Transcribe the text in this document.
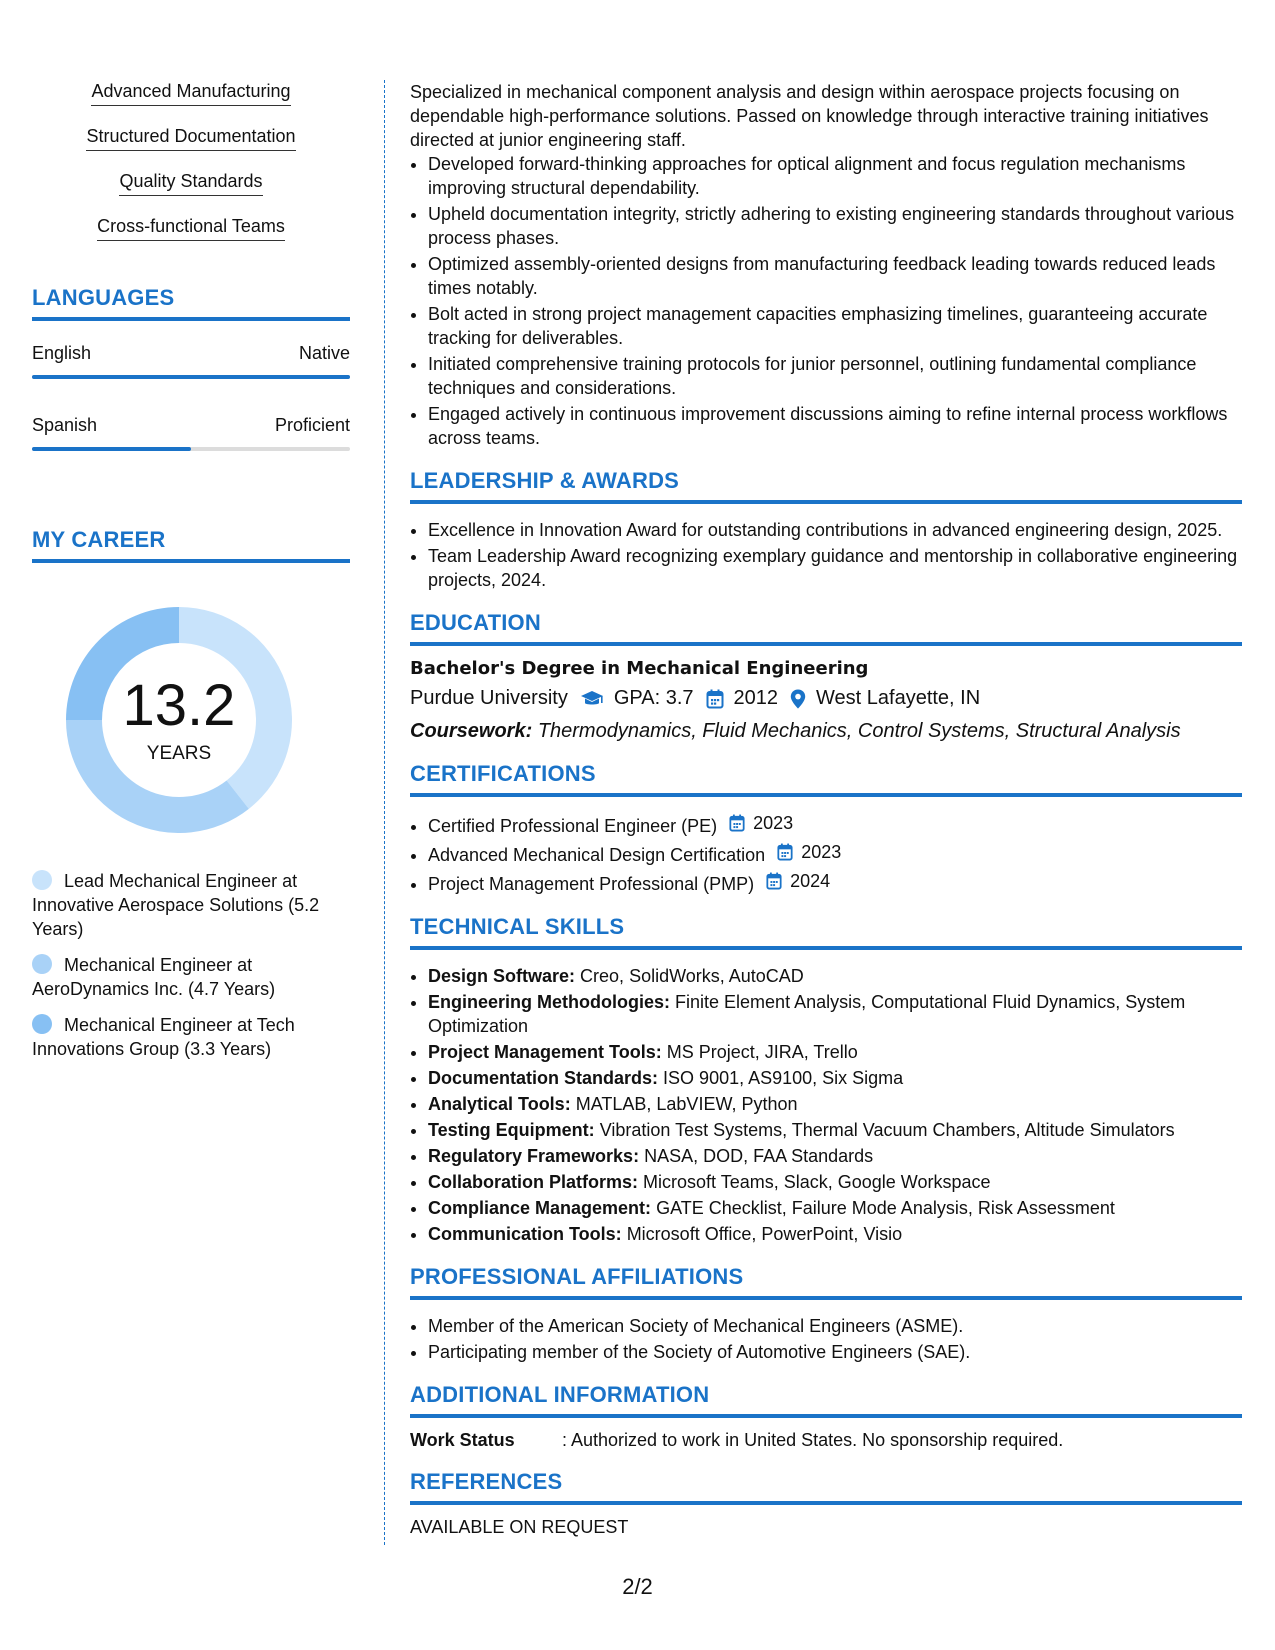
Advanced Manufacturing
Structured Documentation
Quality Standards
Cross-functional Teams
LANGUAGES
English	Native
Spanish	Proficient
MY CAREER
13.2
YEARS
Lead Mechanical Engineer at Innovative Aerospace Solutions (5.2 Years)
Mechanical Engineer at AeroDynamics Inc. (4.7 Years)
Mechanical Engineer at Tech Innovations Group (3.3 Years)

Specialized in mechanical component analysis and design within aerospace projects focusing on dependable high-performance solutions. Passed on knowledge through interactive training initiatives directed at junior engineering staff.

• Developed forward-thinking approaches for optical alignment and focus regulation mechanisms improving structural dependability.
• Upheld documentation integrity, strictly adhering to existing engineering standards throughout various process phases.
• Optimized assembly-oriented designs from manufacturing feedback leading towards reduced leads times notably.
• Bolt acted in strong project management capacities emphasizing timelines, guaranteeing accurate tracking for deliverables.
• Initiated comprehensive training protocols for junior personnel, outlining fundamental compliance techniques and considerations.
• Engaged actively in continuous improvement discussions aiming to refine internal process workflows across teams.
LEADERSHIP & AWARDS
• Excellence in Innovation Award for outstanding contributions in advanced engineering design, 2025.
• Team Leadership Award recognizing exemplary guidance and mentorship in collaborative engineering projects, 2024.
EDUCATION
Bachelor's Degree in Mechanical Engineering
Purdue University GPA: 3.7 2012 West Lafayette, IN
Coursework: Thermodynamics, Fluid Mechanics, Control Systems, Structural Analysis
CERTIFICATIONS
• Certified Professional Engineer (PE) 2023
• Advanced Mechanical Design Certification 2023
• Project Management Professional (PMP) 2024
TECHNICAL SKILLS
• Design Software: Creo, SolidWorks, AutoCAD
• Engineering Methodologies: Finite Element Analysis, Computational Fluid Dynamics, System Optimization
• Project Management Tools: MS Project, JIRA, Trello
• Documentation Standards: ISO 9001, AS9100, Six Sigma
• Analytical Tools: MATLAB, LabVIEW, Python
• Testing Equipment: Vibration Test Systems, Thermal Vacuum Chambers, Altitude Simulators
• Regulatory Frameworks: NASA, DOD, FAA Standards
• Collaboration Platforms: Microsoft Teams, Slack, Google Workspace
• Compliance Management: GATE Checklist, Failure Mode Analysis, Risk Assessment
• Communication Tools: Microsoft Office, PowerPoint, Visio
PROFESSIONAL AFFILIATIONS
• Member of the American Society of Mechanical Engineers (ASME).
• Participating member of the Society of Automotive Engineers (SAE).
ADDITIONAL INFORMATION
Work Status	: Authorized to work in United States. No sponsorship required.
REFERENCES
AVAILABLE ON REQUEST
2/2
